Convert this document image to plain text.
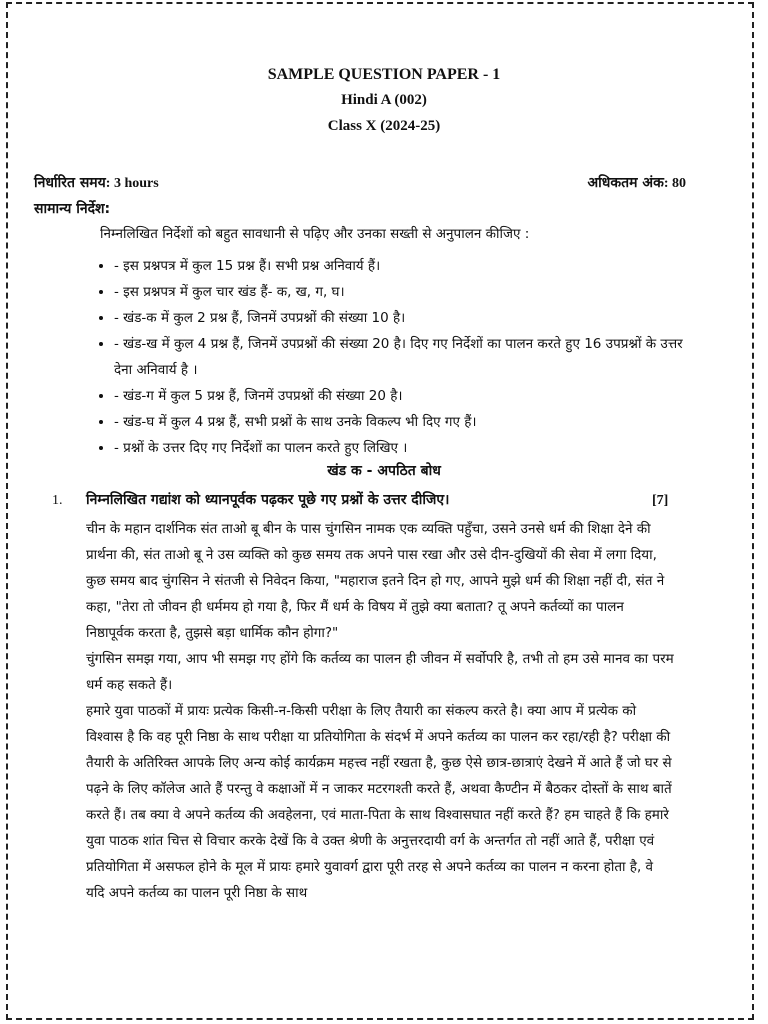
SAMPLE QUESTION PAPER - 1
Hindi A (002)
Class X (2024-25)
निर्धारित समय: 3 hours	अधिकतम अंक: 80
सामान्य निर्देश:
निम्नलिखित निर्देशों को बहुत सावधानी से पढ़िए और उनका सख्ती से अनुपालन कीजिए :
• - इस प्रश्नपत्र में कुल 15 प्रश्न हैं। सभी प्रश्न अनिवार्य हैं।
• - इस प्रश्नपत्र में कुल चार खंड हैं- क, ख, ग, घ।
• - खंड-क में कुल 2 प्रश्न हैं, जिनमें उपप्रश्नों की संख्या 10 है।
• - खंड-ख में कुल 4 प्रश्न हैं, जिनमें उपप्रश्नों की संख्या 20 है। दिए गए निर्देशों का पालन करते हुए 16 उपप्रश्नों के उत्तर देना अनिवार्य है ।
• - खंड-ग में कुल 5 प्रश्न हैं, जिनमें उपप्रश्नों की संख्या 20 है।
• - खंड-घ में कुल 4 प्रश्न हैं, सभी प्रश्नों के साथ उनके विकल्प भी दिए गए हैं।
• - प्रश्नों के उत्तर दिए गए निर्देशों का पालन करते हुए लिखिए ।
खंड क - अपठित बोध
1. निम्नलिखित गद्यांश को ध्यानपूर्वक पढ़कर पूछे गए प्रश्नों के उत्तर दीजिए।	[7]

चीन के महान दार्शनिक संत ताओ बू बीन के पास चुंगसिन नामक एक व्यक्ति पहुँचा, उसने उनसे धर्म की शिक्षा देने की प्रार्थना की, संत ताओ बू ने उस व्यक्ति को कुछ समय तक अपने पास रखा और उसे दीन-दुखियों की सेवा में लगा दिया, कुछ समय बाद चुंगसिन ने संतजी से निवेदन किया, "महाराज इतने दिन हो गए, आपने मुझे धर्म की शिक्षा नहीं दी, संत ने कहा, "तेरा तो जीवन ही धर्ममय हो गया है, फिर मैं धर्म के विषय में तुझे क्या बताता? तू अपने कर्तव्यों का पालन निष्ठापूर्वक करता है, तुझसे बड़ा धार्मिक कौन होगा?"

चुंगसिन समझ गया, आप भी समझ गए होंगे कि कर्तव्य का पालन ही जीवन में सर्वोपरि है, तभी तो हम उसे मानव का परम धर्म कह सकते हैं।

हमारे युवा पाठकों में प्रायः प्रत्येक किसी-न-किसी परीक्षा के लिए तैयारी का संकल्प करते है। क्या आप में प्रत्येक को विश्वास है कि वह पूरी निष्ठा के साथ परीक्षा या प्रतियोगिता के संदर्भ में अपने कर्तव्य का पालन कर रहा/रही है? परीक्षा की तैयारी के अतिरिक्त आपके लिए अन्य कोई कार्यक्रम महत्त्व नहीं रखता है, कुछ ऐसे छात्र-छात्राएं देखने में आते हैं जो घर से पढ़ने के लिए कॉलेज आते हैं परन्तु वे कक्षाओं में न जाकर मटरगश्ती करते हैं, अथवा कैण्टीन में बैठकर दोस्तों के साथ बातें करते हैं। तब क्या वे अपने कर्तव्य की अवहेलना, एवं माता-पिता के साथ विश्वासघात नहीं करते हैं? हम चाहते हैं कि हमारे युवा पाठक शांत चित्त से विचार करके देखें कि वे उक्त श्रेणी के अनुत्तरदायी वर्ग के अन्तर्गत तो नहीं आते हैं, परीक्षा एवं प्रतियोगिता में असफल होने के मूल में प्रायः हमारे युवावर्ग द्वारा पूरी तरह से अपने कर्तव्य का पालन न करना होता है, वे यदि अपने कर्तव्य का पालन पूरी निष्ठा के साथ
